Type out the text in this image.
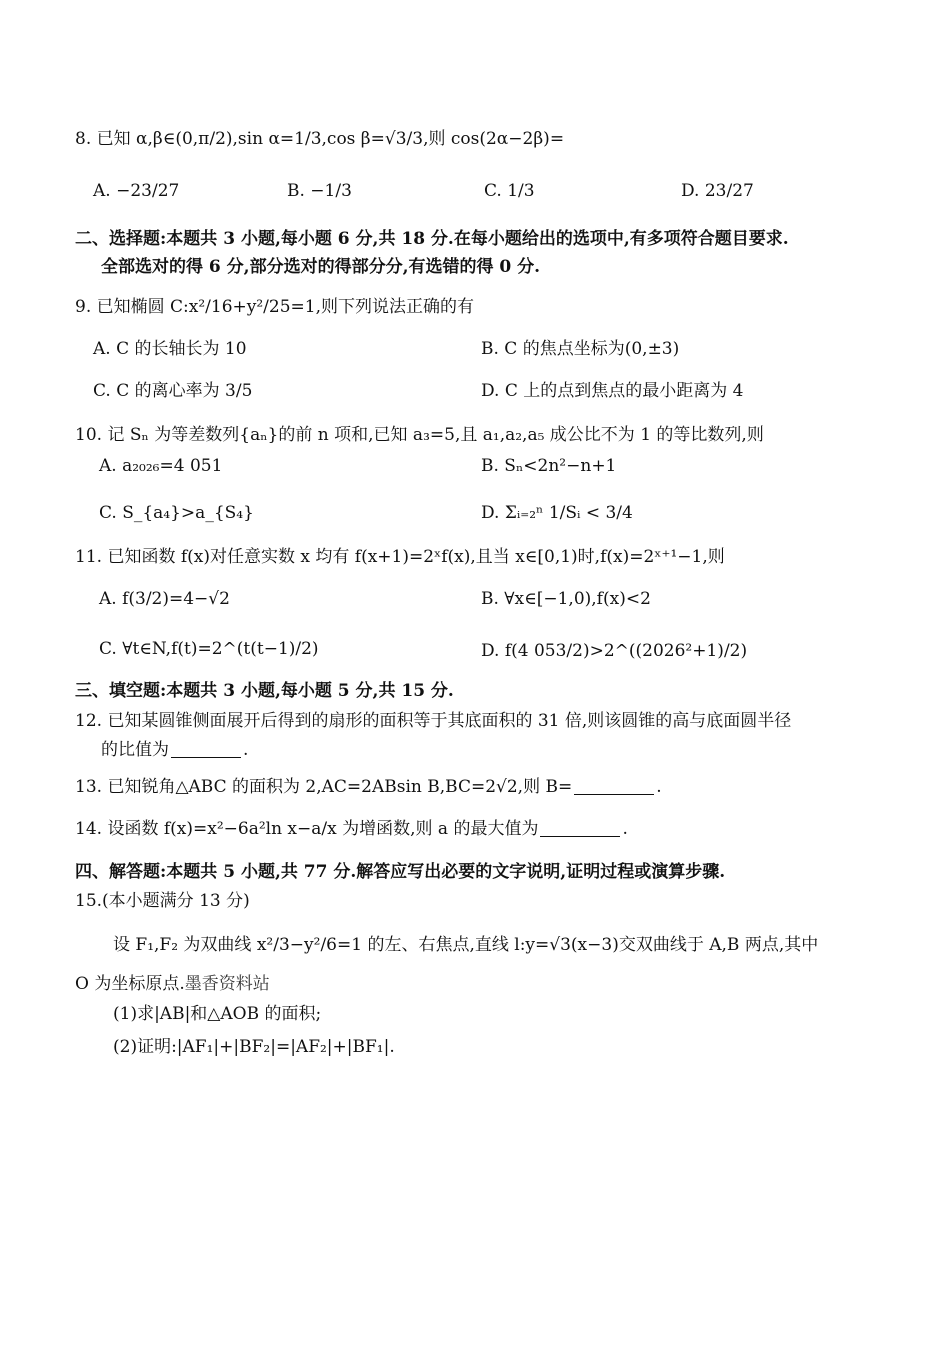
8. 已知 α,β∈(0,π/2),sin α=1/3,cos β=√3/3,则 cos(2α−2β)=
A. −23/27	B. −1/3	C. 1/3	D. 23/27
二、选择题:本题共 3 小题,每小题 6 分,共 18 分.在每小题给出的选项中,有多项符合题目要求.
全部选对的得 6 分,部分选对的得部分分,有选错的得 0 分.
9. 已知椭圆 C:x²/16+y²/25=1,则下列说法正确的有
A. C 的长轴长为 10	B. C 的焦点坐标为(0,±3)
C. C 的离心率为 3/5	D. C 上的点到焦点的最小距离为 4
10. 记 Sₙ 为等差数列{aₙ}的前 n 项和,已知 a₃=5,且 a₁,a₂,a₅ 成公比不为 1 的等比数列,则
A. a₂₀₂₆=4 051	B. Sₙ<2n²−n+1
C. S_{a₄}>a_{S₄}	D. Σᵢ₌₂ⁿ 1/Sᵢ < 3/4
11. 已知函数 f(x)对任意实数 x 均有 f(x+1)=2ˣf(x),且当 x∈[0,1)时,f(x)=2ˣ⁺¹−1,则
A. f(3/2)=4−√2	B. ∀x∈[−1,0),f(x)<2
C. ∀t∈N,f(t)=2^(t(t−1)/2)	D. f(4 053/2)>2^((2026²+1)/2)
三、填空题:本题共 3 小题,每小题 5 分,共 15 分.
12. 已知某圆锥侧面展开后得到的扇形的面积等于其底面积的 31 倍,则该圆锥的高与底面圆半径
的比值为	.
13. 已知锐角△ABC 的面积为 2,AC=2ABsin B,BC=2√2,则 B=	.
14. 设函数 f(x)=x²−6a²ln x−a/x 为增函数,则 a 的最大值为	.
四、解答题:本题共 5 小题,共 77 分.解答应写出必要的文字说明,证明过程或演算步骤.
15.(本小题满分 13 分)
设 F₁,F₂ 为双曲线 x²/3−y²/6=1 的左、右焦点,直线 l:y=√3(x−3)交双曲线于 A,B 两点,其中
O 为坐标原点.墨香资料站
(1)求|AB|和△AOB 的面积;
(2)证明:|AF₁|+|BF₂|=|AF₂|+|BF₁|.
